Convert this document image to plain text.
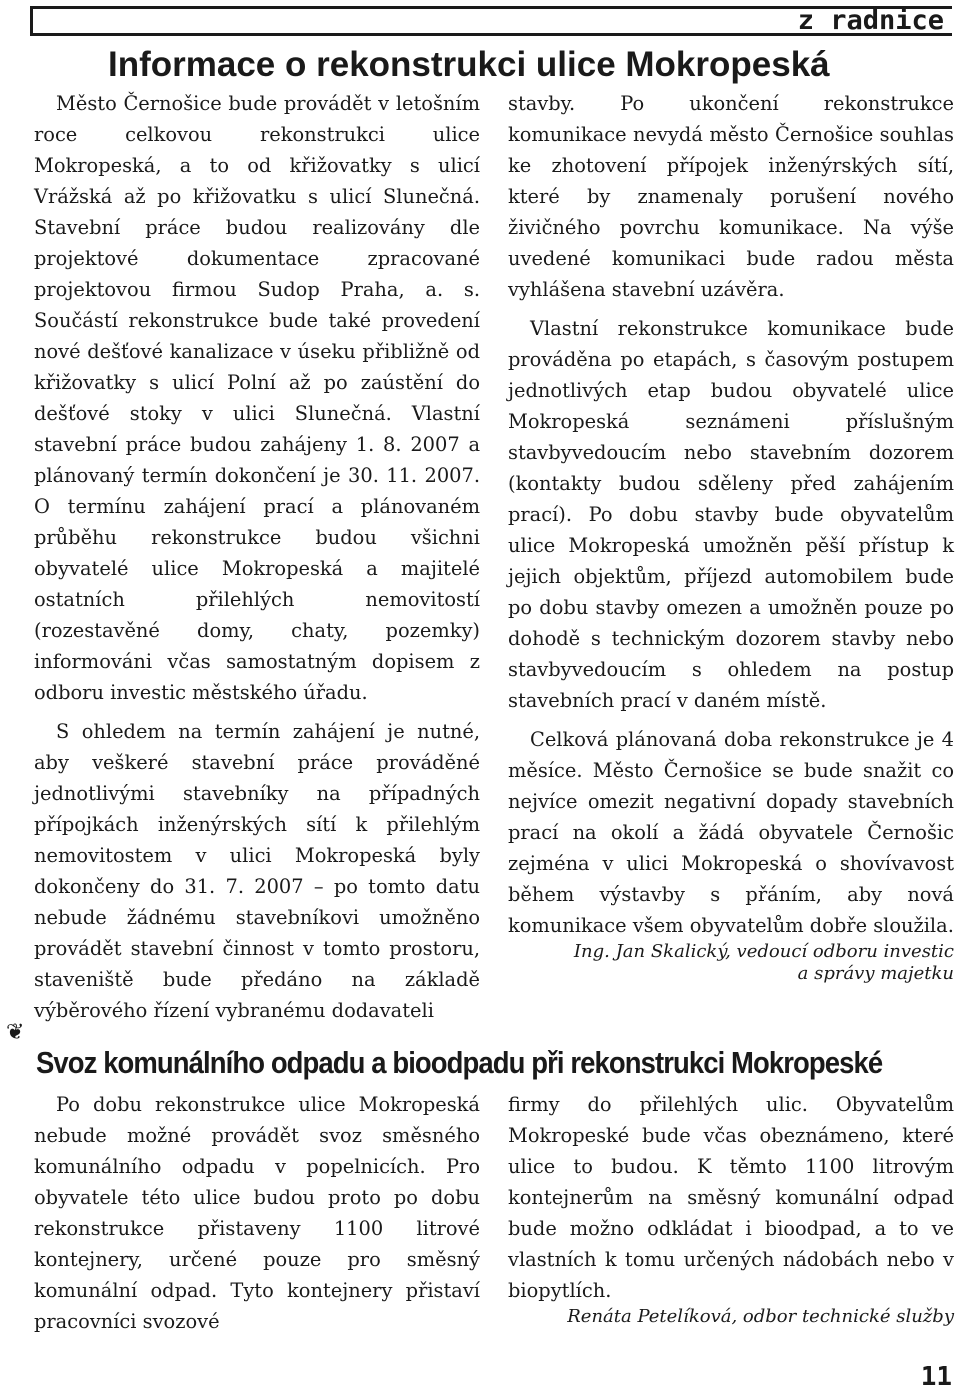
z radnice
Informace o rekonstrukci ulice Mokropeská

Město Černošice bude provádět v letošním roce celkovou rekonstrukci ulice Mokropeská, a to od křižovatky s ulicí Vrážská až po křižovatku s ulicí Slunečná. Stavební práce budou realizovány dle projektové dokumentace zpracované projektovou firmou Sudop Praha, a. s. Součástí rekonstrukce bude také provedení nové dešťové kanalizace v úseku přibližně od křižovatky s ulicí Polní až po zaústění do dešťové stoky v ulici Slunečná. Vlastní stavební práce budou zahájeny 1. 8. 2007 a plánovaný termín dokončení je 30. 11. 2007. O termínu zahájení prací a plánovaném průběhu rekonstrukce budou všichni obyvatelé ulice Mokropeská a majitelé ostatních přilehlých nemovitostí (rozestavěné domy, chaty, pozemky) informováni včas samostatným dopisem z odboru investic městského úřadu.

S ohledem na termín zahájení je nutné, aby veškeré stavební práce prováděné jednotlivými stavebníky na případných přípojkách inženýrských sítí k přilehlým nemovitostem v ulici Mokropeská byly dokončeny do 31. 7. 2007 – po tomto datu nebude žádnému stavebníkovi umožněno provádět stavební činnost v tomto prostoru, staveniště bude předáno na základě výběrového řízení vybranému dodavateli

stavby. Po ukončení rekonstrukce komunikace nevydá město Černošice souhlas ke zhotovení přípojek inženýrských sítí, které by znamenaly porušení nového živičného povrchu komunikace. Na výše uvedené komunikaci bude radou města vyhlášena stavební uzávěra.

Vlastní rekonstrukce komunikace bude prováděna po etapách, s časovým postupem jednotlivých etap budou obyvatelé ulice Mokropeská seznámeni příslušným stavbyvedoucím nebo stavebním dozorem (kontakty budou sděleny před zahájením prací). Po dobu stavby bude obyvatelům ulice Mokropeská umožněn pěší přístup k jejich objektům, příjezd automobilem bude po dobu stavby omezen a umožněn pouze po dohodě s technickým dozorem stavby nebo stavbyvedoucím s ohledem na postup stavebních prací v daném místě.

Celková plánovaná doba rekonstrukce je 4 měsíce. Město Černošice se bude snažit co nejvíce omezit negativní dopady stavebních prací na okolí a žádá obyvatele Černošic zejména v ulici Mokropeská o shovívavost během výstavby s přáním, aby nová komunikace všem obyvatelům dobře sloužila.

Ing. Jan Skalický, vedoucí odboru investic
a správy majetku

❦
Svoz komunálního odpadu a bioodpadu při rekonstrukci Mokropeské

Po dobu rekonstrukce ulice Mokropeská nebude možné provádět svoz směsného komunálního odpadu v popelnicích. Pro obyvatele této ulice budou proto po dobu rekonstrukce přistaveny 1100 litrové kontejnery, určené pouze pro směsný komunální odpad. Tyto kontejnery přistaví pracovníci svozové

firmy do přilehlých ulic. Obyvatelům Mokropeské bude včas obeznámeno, které ulice to budou. K těmto 1100 litrovým kontejnerům na směsný komunální odpad bude možno odkládat i bioodpad, a to ve vlastních k tomu určených nádobách nebo v biopytlích.

Renáta Petelíková, odbor technické služby

11
